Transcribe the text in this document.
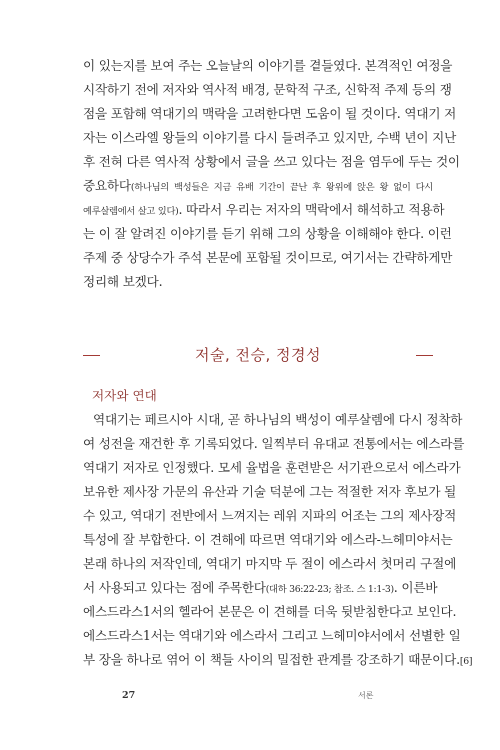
이 있는지를 보여 주는 오늘날의 이야기를 곁들였다. 본격적인 여정을
시작하기 전에 저자와 역사적 배경, 문학적 구조, 신학적 주제 등의 쟁
점을 포함해 역대기의 맥락을 고려한다면 도움이 될 것이다. 역대기 저
자는 이스라엘 왕들의 이야기를 다시 들려주고 있지만, 수백 년이 지난
후 전혀 다른 역사적 상황에서 글을 쓰고 있다는 점을 염두에 두는 것이
중요하다(하나님의 백성들은 지금 유배 기간이 끝난 후 왕위에 앉은 왕 없이 다시
예루살렘에서 살고 있다). 따라서 우리는 저자의 맥락에서 해석하고 적용하
는 이 잘 알려진 이야기를 듣기 위해 그의 상황을 이해해야 한다. 이런
주제 중 상당수가 주석 본문에 포함될 것이므로, 여기서는 간략하게만
정리해 보겠다.
저술, 전승, 정경성
저자와 연대
역대기는 페르시아 시대, 곧 하나님의 백성이 예루살렘에 다시 정착하
여 성전을 재건한 후 기록되었다. 일찍부터 유대교 전통에서는 에스라를
역대기 저자로 인정했다. 모세 율법을 훈련받은 서기관으로서 에스라가
보유한 제사장 가문의 유산과 기술 덕분에 그는 적절한 저자 후보가 될
수 있고, 역대기 전반에서 느껴지는 레위 지파의 어조는 그의 제사장적
특성에 잘 부합한다. 이 견해에 따르면 역대기와 에스라-느헤미야서는
본래 하나의 저작인데, 역대기 마지막 두 절이 에스라서 첫머리 구절에
서 사용되고 있다는 점에 주목한다(대하 36:22-23; 참조. 스 1:1-3). 이른바
에스드라스1서의 헬라어 본문은 이 견해를 더욱 뒷받침한다고 보인다.
에스드라스1서는 역대기와 에스라서 그리고 느헤미야서에서 선별한 일
부 장을 하나로 엮어 이 책들 사이의 밀접한 관계를 강조하기 때문이다.[6]
27	서론
